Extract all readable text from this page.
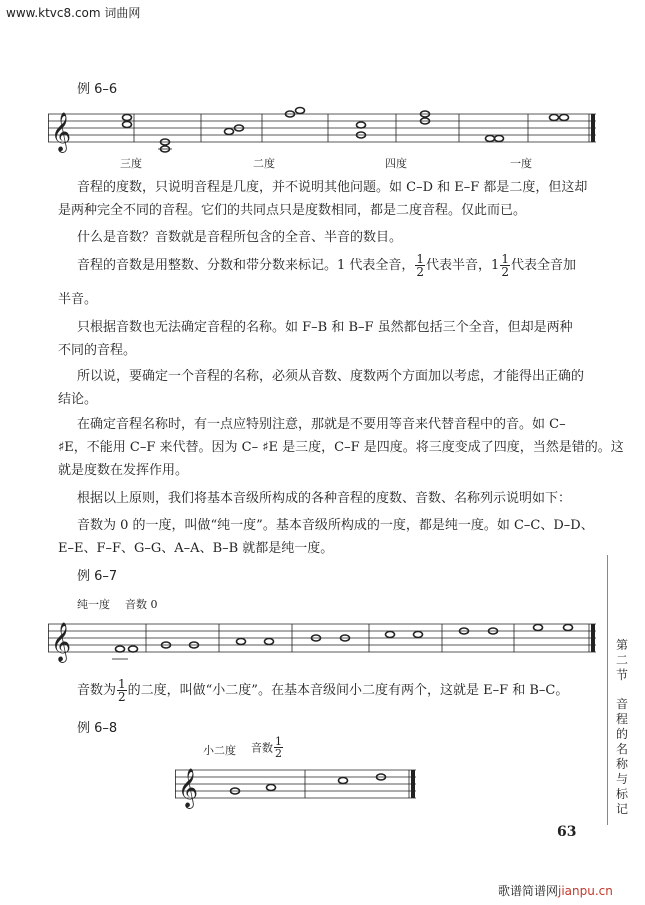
www.ktvc8.com 词曲网
歌谱简谱网jianpu.cn
例 6–6
𝄞
三度	二度	四度	一度
音程的度数，只说明音程是几度，并不说明其他问题。如 C–D 和 E–F 都是二度，但这却
是两种完全不同的音程。它们的共同点只是度数相同，都是二度音程。仅此而已。
什么是音数？音数就是音程所包含的全音、半音的数目。
音程的音数是用整数、分数和带分数来标记。1 代表全音， $\frac{1}{2}$ 代表半音，$1 \frac{1}{2}$ 代表全音加
半音。
只根据音数也无法确定音程的名称。如 F–B 和 B–F 虽然都包括三个全音，但却是两种
不同的音程。
所以说，要确定一个音程的名称，必须从音数、度数两个方面加以考虑，才能得出正确的
结论。
在确定音程名称时，有一点应特别注意，那就是不要用等音来代替音程中的音。如 C–
♯E，不能用 C–F 来代替。因为 C– ♯E 是三度，C–F 是四度。将三度变成了四度，当然是错的。这
就是度数在发挥作用。
根据以上原则，我们将基本音级所构成的各种音程的度数、音数、名称列示说明如下：
音数为 0 的一度，叫做“纯一度”。基本音级所构成的一度，都是纯一度。如 C–C、D–D、
E–E、F–F、G–G、A–A、B–B 就都是纯一度。
例 6–7
纯一度 音数 0
𝄞
音数为 $\frac{1}{2}$ 的二度，叫做“小二度”。在基本音级间小二度有两个，这就是 E–F 和 B–C。
例 6–8
小二度 音数 $\frac{1}{2}$
𝄞
第二节
音程的名称与标记
63
